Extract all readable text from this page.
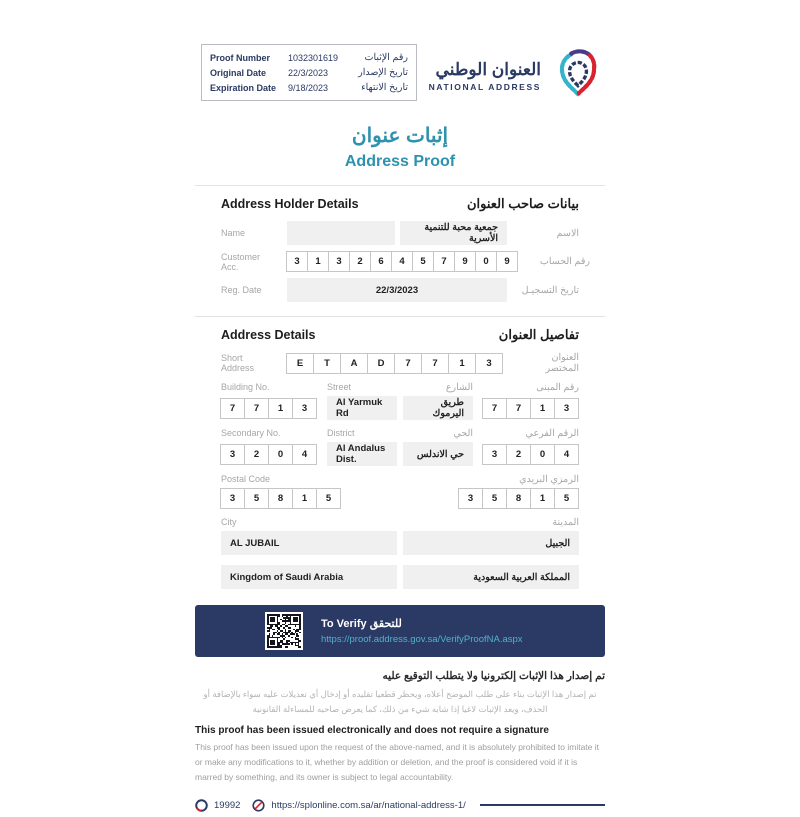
Proof Number	1032301619	رقم الإثبات
Original Date	22/3/2023	تاريخ الإصدار
Expiration Date	9/18/2023	تاريخ الانتهاء
العنوان الوطني
NATIONAL ADDRESS
إثبات عنوان
Address Proof
Address Holder Details	بيانات صاحب العنوان
Name	جمعية محبة للتنمية الأسرية	الاسم
Customer Acc.	3	1	3	2	6	4	5	7	9	0	9	رقم الحساب
Reg. Date	22/3/2023	تاريخ التسجيـل
Address Details	تفاصيل العنوان
Short Address	E	T	A	D	7	7	1	3	العنوان المختصر
Building No.	Street	الشارع	رقم المبنى
7	7	1	3	Al Yarmuk Rd
طريق اليرموك	7	7	1	3
Secondary No.	District	الحي	الرقم الفرعي
3	2	0	4	Al Andalus Dist.	حي الاندلس	3	2	0	4
Postal Code	الرمزي البريدي
3	5	8	1	5	3	5	8	1	5
City	المدينة
AL JUBAIL	الجبيل
Kingdom of Saudi Arabia	المملكة العربية السعودية
To Verify للتحقق
https://proof.address.gov.sa/VerifyProofNA.aspx
تم إصدار هذا الإثبات إلكترونيا ولا يتطلب التوقيع عليه
تم إصدار هذا الإثبات بناء على طلب الموضح أعلاه، ويحظر قطعيا تقليده أو إدخال أي تعديلات عليه سواء بالإضافة أو الحذف، ويعد الإثبات لاغيا إذا شابه شيء من ذلك، كما يعرض صاحبه للمساءلة القانونية
This proof has been issued electronically and does not require a signature
This proof has been issued upon the request of the above-named, and it is absolutely prohibited to imitate it or make any modifications to it, whether by addition or deletion, and the proof is considered void if it is marred by something, and its owner is subject to legal accountability.
19992	https://splonline.com.sa/ar/national-address-1/
